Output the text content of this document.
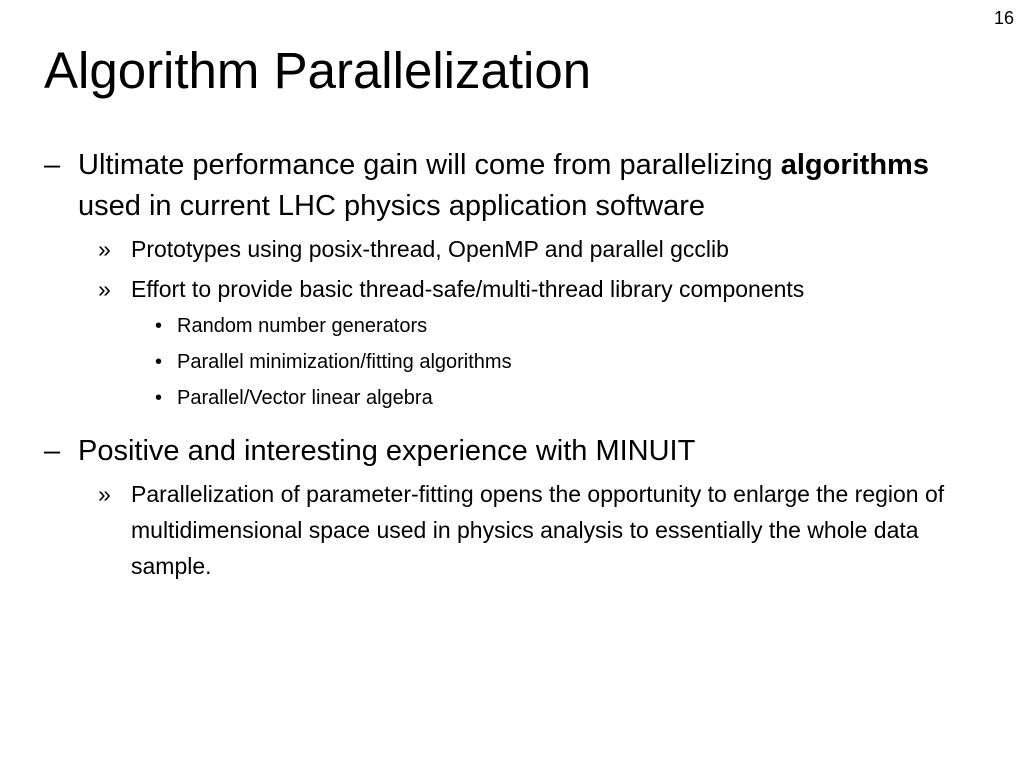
16
Algorithm Parallelization
– Ultimate performance gain will come from parallelizing algorithms used in current LHC physics application software
» Prototypes using posix-thread, OpenMP and parallel gcclib
» Effort to provide basic thread-safe/multi-thread library components
• Random number generators
• Parallel minimization/fitting algorithms
• Parallel/Vector linear algebra
– Positive and interesting experience with MINUIT
» Parallelization of parameter-fitting opens the opportunity to enlarge the region of multidimensional space used in physics analysis to essentially the whole data sample.
